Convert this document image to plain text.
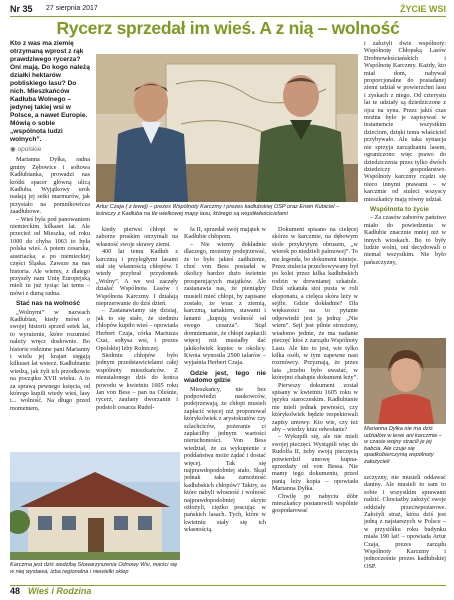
Nr 35 27 sierpnia 2017	ŻYCIE WSI
Rycerz sprzedał im wieś. A z nią – wolność

Kto z was ma ziemię otrzymaną wprost z rąk prawdziwego rycerza? Oni mają. Do kogo należą działki hektarów pobliskiego lasu? Do nich. Mieszkańców Kadłuba Wolnego – jedynej takiej wsi w Polsce, a nawet Europie. Mówią o sobie „wspólnota ludzi wolnych”.

◉ opolskie

Marianna Dyłka, radna gminy Żębowice i sołtowa Kadłubianka, prowadzi nas krótki spacer główną ulicą Kadłuba. Wyjątkowy urok nadają jej setki marmurów, jak przystało na pomnikowicza zaadłubowe.

– Wieś była pod panowaniem niemieckim kilkaset lat. Ale przecież od Mieszka, od roku 1000 do chyba 1063 to była polska wieś. A potem cesarska, austriacka, a po niemieckiej części Śląska. Zawsze na nas historia. Ale wiemy, z dlatego przyszły nam Unię Europejską mieli tu już tysiąc lat temu – mówi z dumą radna.

Stać nas na wolność

„Wolnymi” w nazwach Kadłubian, kiedy mówi o swojej historii sprzed setek lat, to wyrażenie, które rozumieć należy wręcz dosłownie. Bo historie rodzinne pani Marianny i wielu jej krajan sięgają kilkuset lat wstecz. Kadłubianie wiedzą, jak żyli ich przodkowie na początku XVII wieku. A to za sprawą pewnego księcia, od którego kupili wtedy wieś, lasy i... wolność. Na długo przed momentem,

Artur Czaja ( z lewej) – prezes Wspólnoty Karczmy i prezes kadłubskiej OSP oraz Erwin Kubiciel – leśniczy z Kadłuba na tle wielkowej mapy lasu, którego są współwłaścicielami

kiedy pierwsi chłopi w zaborze pruskim otrzymali na własność swoje skrawy ziemi.

400 lat temu Kadłub z karczmą i przyległymi lasami stał się własnością chłopów. I wtedy przybrał przydomek „Wolny”. A we wsi zaczęły działać Wspólnota Lasów i Wspólnota Karczmy. I działają nieprzerwanie do dziś dzień.

– Zastanawiamy się dzisiaj, jak to się stało, że siedmiu chłopów kupiło wieś – opowiada Herbert Czaja, córka Mariusza Czai, sołtysa wsi, i prezes Opolskiej Izby Rolniczej.

Siedmiu chłopów było jednym przedstawicielami całej wspólnoty mieszkańców. Z nieustalonego dziś do końca powodu w kwietniu 1605 roku Jan von Bess – pan na Oleśnie, rycerz, zaufany dworzanin i podstoli cesarza Rudol-

fa II, sprzedał swój majątek w Kadłubie chłopom.

– Nie wiemy dokładnie dlaczego, możemy podejrzewać, że to było jakieś zadłużenie, choć von Bess posiadał w okolicy bardzo dużo świetnie prosperujących majątków. Ale zastanawia nas, że pieniądzy musieli mieć chłopi, by zapisane zostało, że wraz z ziemią, karczmą, tartakiem, stawami i łanami „kupują wolność od swego cesarza”. Stąd domniemanie, że chłopi zapłacili więcej niż musiałby dać jakikolwiek kupiec w okolicy. Kwota wynosiła 2500 talarów – wyjaśnia Herbert Czaja.

Gdzie jest, tego nie wiadomo gdzie

Mieszkańcy, nie bez podpowiedzi naukowców, podejrzewają, że chłopi musieli zapłacić więcej niż proponował którykolwiek z arystokratów czy szlachciców, pożeranie ci zapłacilby jednym wartości nieruchomości. Von Bess wiedział, że za wykupienie z poddaństwa może żądać i dostać więcej. Tak się najprawdopodobniej stało. Skąd jednak taka zamożność kadłubskich chłopów? Takiry, za które nabyli włosność i wolność najprawdopodobniej skryte ożłożyli, ciężko pracując w pańskich lasach. Tych, które w kwietniu stały się ich własnością.

Karczma jest dziś siedzibą Stowarzyszenia Odnowy Wsi, mieści się w niej wystawa, izba regionalna i niewielki sklep

Dokument spisano na cielęcej skórze w karczmie, na dębowym stole przykrytym obrusem, „w wtorek po niedzieli palmowej”. To nie legenda, bo dokument istnieje. Przez stulecia przechowywany był po kolei przez kilka kadłubskich rodzin w drewnianej szkatule. Dziś szkatuła stoi pusta w roli eksponatu, a cielęca skóra leży w sejfie. Gdzie dokładnie? Dla większości na to pytanie odpowiedź jest ją jedną: „Nie wiem”. Sejf jest pilnie strzeżony, wiadomo jednie, że ma nadanie pieczęć ktoś z zarządu Wspólnoty Lasu. Ale kto to jest, wie tylko kilka osób, w tym zapewne nasi rozmówcy. Przyznają, że przez lata „trzebu było uważać, w którejmi chałupie dokument leży”.

Pierwszy dokument został spisany w kwietniu 1605 roku w języku staroczeskim. Kadłubianie nie mieli jednak pewności, czy którykolwiek będzie respektowali zapisy umowy. Kto wie, czy też aby – wiedzy ktuz odwołanie?

– Wykupili się, ale nie mieli swojej pieczęci. Wystąpili więc do Rudolfa II, żeby swoją pieczęcią potwierdził umowę kupna-sprzedaży od von Bessa. Nie mamy tego dokumentu, przed panią leży kopia – opowiada Marianna Dyłka.

Chwilę po nabyciu dóbr mieszkańcy postanowili wspólnie gospodarować

i założyli dwie wspólnoty: Wspólnotę Chłopską Lasów Drobnowłościańskich i Wspólnotę Karczmy. Każdy, kto miał dom, nabywał proporcjonalne do posiadanej ziemi udział w powierzchni lasu i zyskach z niego. Od czterystu lat te udziały są dziedziczone z ojca na syna. Przez jakiś czas można było je zapisywać w testamencie wszystkim dzieciom, dzięki temu właściciel przybywało. Ale taka sytuacja nie sprzyja zarządzaniu lasem, ograniczono więc prawo do dziedziczenia przez tylko dwóch dziedziczy gospodarstwo. Wspólnoty karczmy rządzi się nieco innymi prawami – w karczmie od stuleci wszyscy mieszkańcy mają równy udział.

Wspólnota to życie

– Za czasów zaborów państwo miało do powiedzenia w Kadłubie znacznie mniej niż w innych wioskach. Bo to były ludzie wolni, oni decydowali o niemal wszystkim. Nie było pańszczyzny,

Marianna Dyłka nie ma dziś udziałów w lesie ani karczmie – w czasie wojny stracili je jej babcia. Ale czuje się spadkobierczynią wspólnoty założycieli

szczyzny, nie musieli oddawać daniny. Ale musieli to sam to sobie i wszystkim sprawami radzić. Chociażby założyć swoje oddziały przeciwpożarowe. Założyli straż, która dziś jest jedną z najstarszych w Polsce – w przysiółku roku budynku miała 190 lat! – opowiada Artur Czaja, prezes zarządu Wspólnoty Karczmy i jednocześnie prezes kadłubskiej OSP.

48 Wieś i Rodzina
